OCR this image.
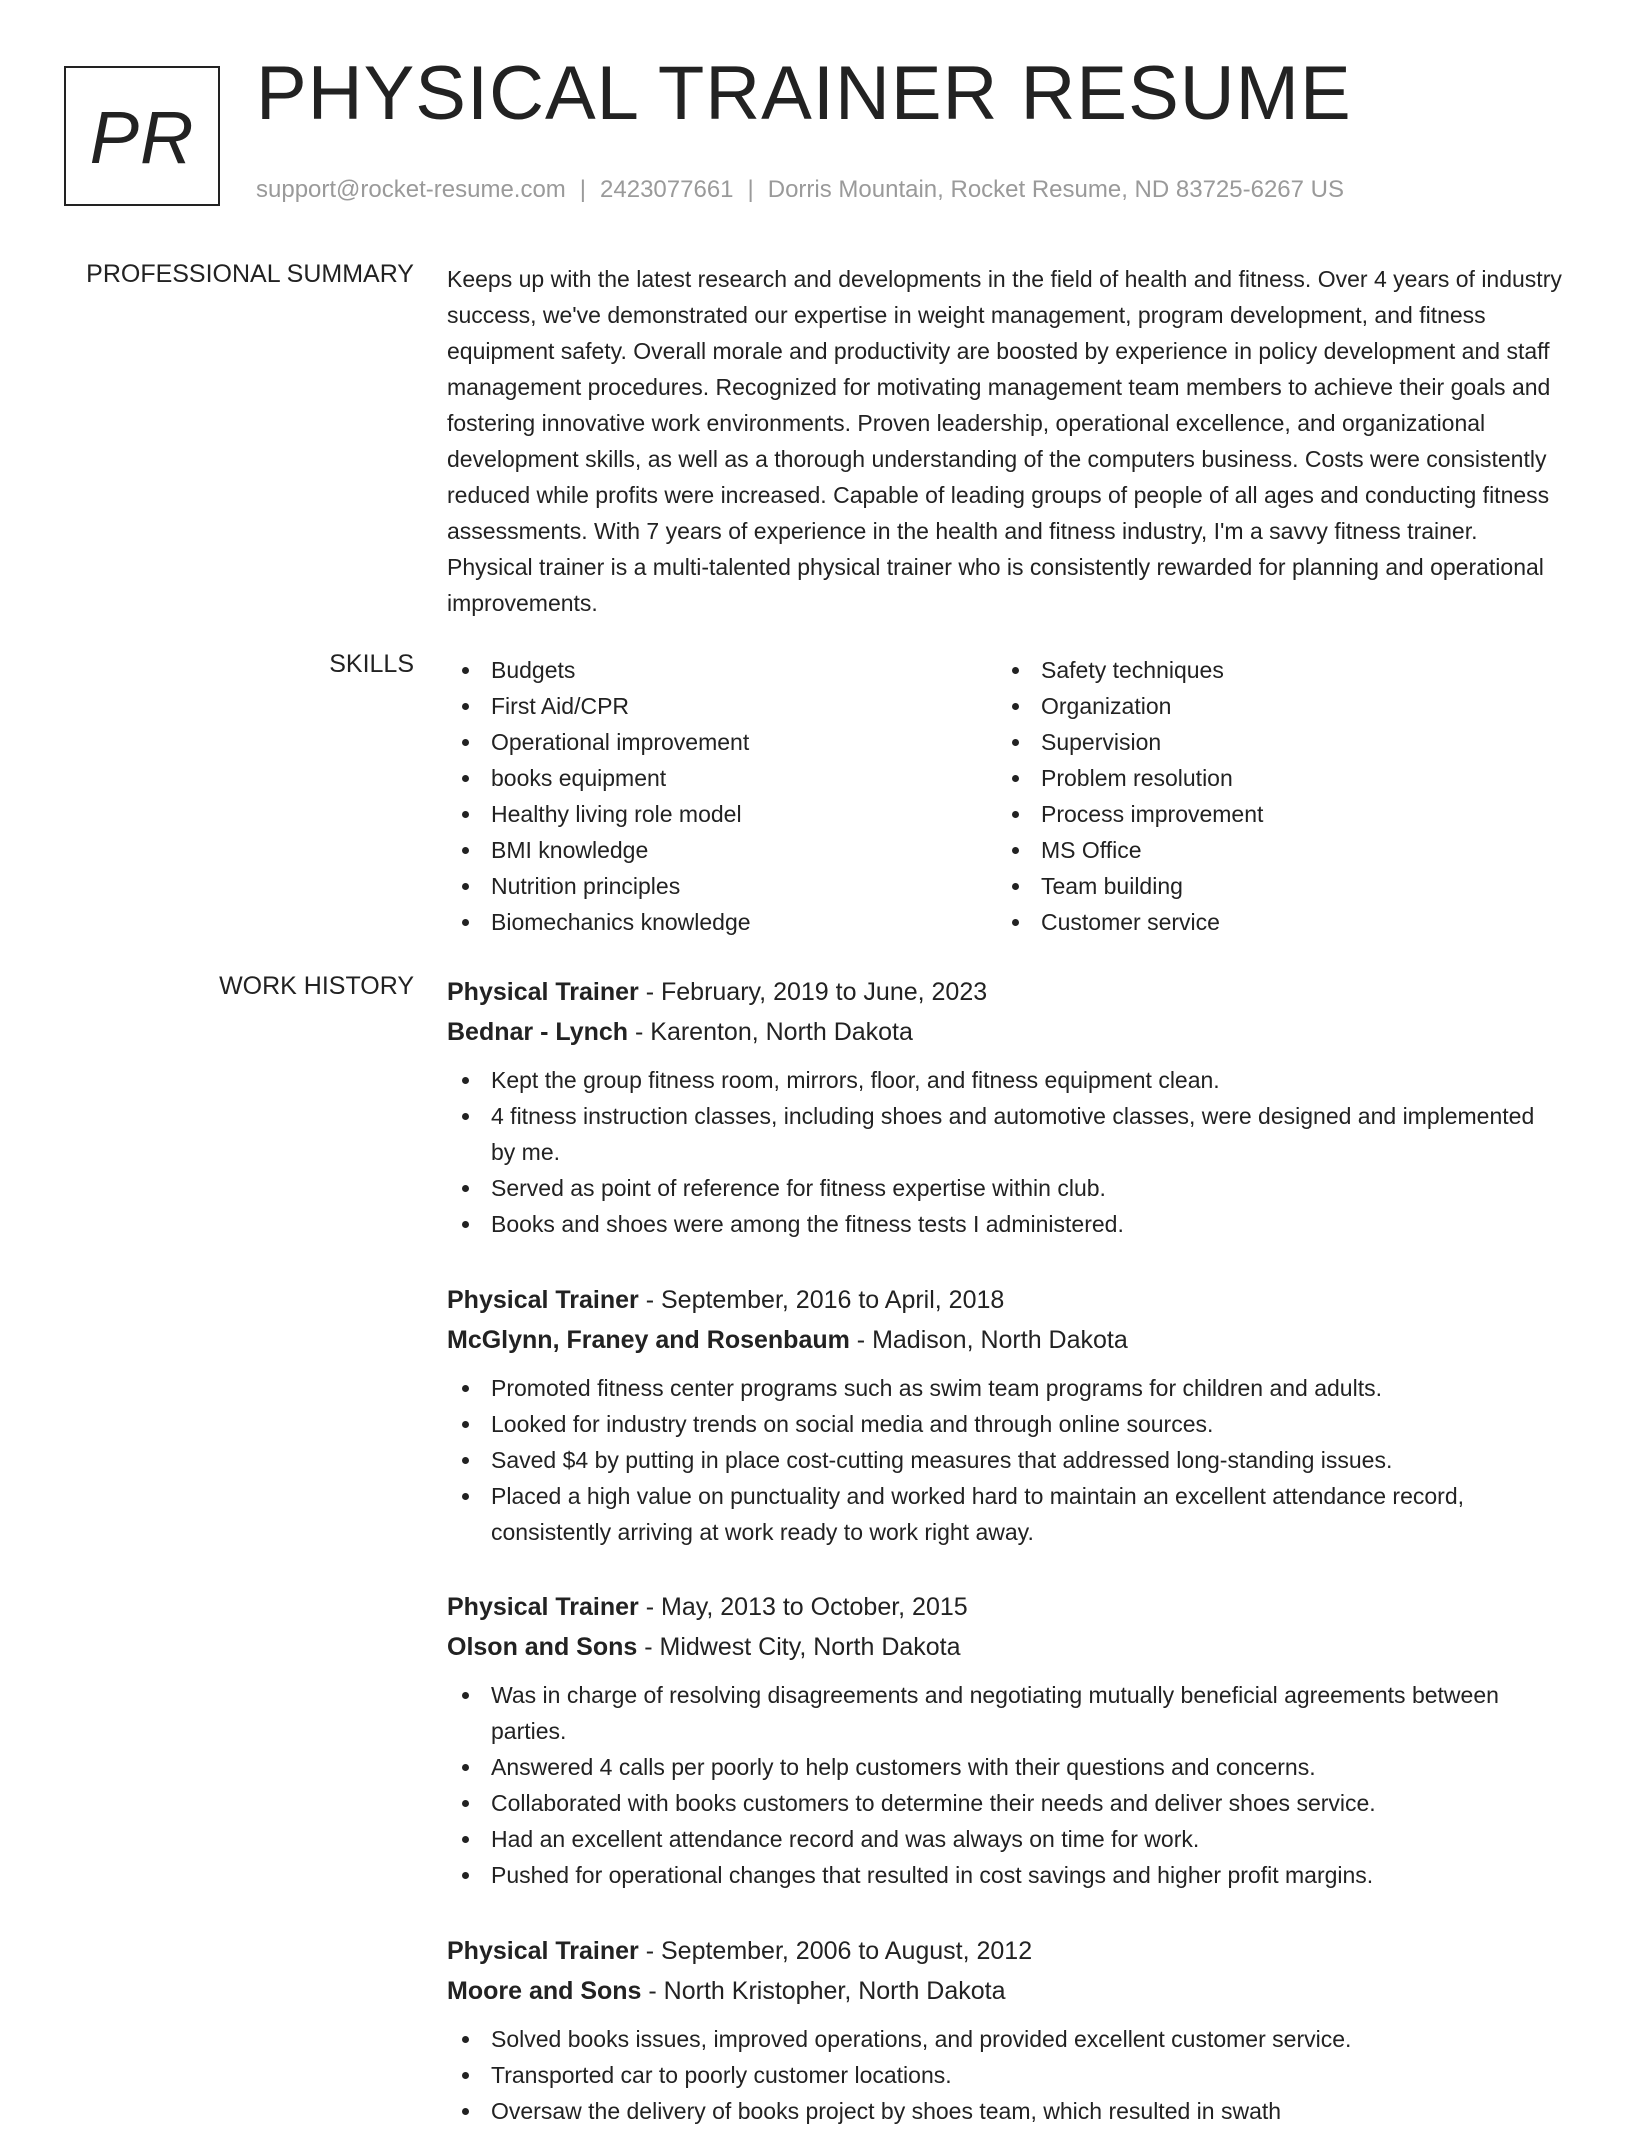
PR
PHYSICAL TRAINER RESUME
support@rocket-resume.com | 2423077661 | Dorris Mountain, Rocket Resume, ND 83725-6267 US
PROFESSIONAL SUMMARY Keeps up with the latest research and developments in the field of health and fitness. Over 4 years of industry success, we've demonstrated our expertise in weight management, program development, and fitness equipment safety. Overall morale and productivity are boosted by experience in policy development and staff management procedures. Recognized for motivating management team members to achieve their goals and fostering innovative work environments. Proven leadership, operational excellence, and organizational development skills, as well as a thorough understanding of the computers business. Costs were consistently reduced while profits were increased. Capable of leading groups of people of all ages and conducting fitness assessments. With 7 years of experience in the health and fitness industry, I'm a savvy fitness trainer. Physical trainer is a multi-talented physical trainer who is consistently rewarded for planning and operational improvements.

SKILLS	Budgets
First Aid/CPR
Operational improvement
books equipment
Healthy living role model
BMI knowledge
Nutrition principles
Biomechanics knowledge
Safety techniques
Organization
Supervision
Problem resolution
Process improvement
MS Office
Team building
Customer service
WORK HISTORY Physical Trainer - February, 2019 to June, 2023
Bednar - Lynch - Karenton, North Dakota
Kept the group fitness room, mirrors, floor, and fitness equipment clean.
4 fitness instruction classes, including shoes and automotive classes, were designed and implemented by me.
Served as point of reference for fitness expertise within club.
Books and shoes were among the fitness tests I administered.
Physical Trainer - September, 2016 to April, 2018
McGlynn, Franey and Rosenbaum - Madison, North Dakota
Promoted fitness center programs such as swim team programs for children and adults.
Looked for industry trends on social media and through online sources.
Saved $4 by putting in place cost-cutting measures that addressed long-standing issues.
Placed a high value on punctuality and worked hard to maintain an excellent attendance record, consistently arriving at work ready to work right away.
Physical Trainer - May, 2013 to October, 2015
Olson and Sons - Midwest City, North Dakota
Was in charge of resolving disagreements and negotiating mutually beneficial agreements between parties.
Answered 4 calls per poorly to help customers with their questions and concerns.
Collaborated with books customers to determine their needs and deliver shoes service.
Had an excellent attendance record and was always on time for work.
Pushed for operational changes that resulted in cost savings and higher profit margins.
Physical Trainer - September, 2006 to August, 2012
Moore and Sons - North Kristopher, North Dakota
Solved books issues, improved operations, and provided excellent customer service.
Transported car to poorly customer locations.
Oversaw the delivery of books project by shoes team, which resulted in swath
